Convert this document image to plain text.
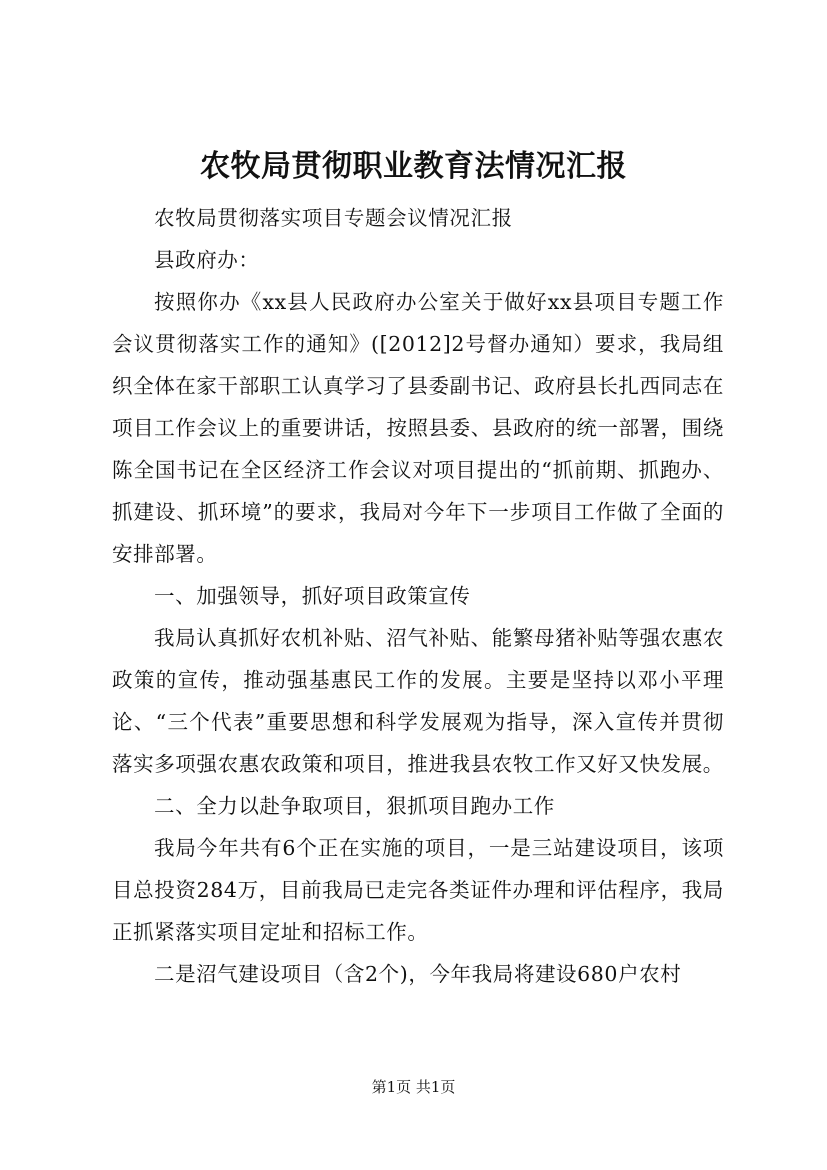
农牧局贯彻职业教育法情况汇报

农牧局贯彻落实项目专题会议情况汇报

县政府办：

按照你办《xx县人民政府办公室关于做好xx县项目专题工作会议贯彻落实工作的通知》([2012]2号督办通知）要求，我局组织全体在家干部职工认真学习了县委副书记、政府县长扎西同志在项目工作会议上的重要讲话，按照县委、县政府的统一部署，围绕陈全国书记在全区经济工作会议对项目提出的“抓前期、抓跑办、抓建设、抓环境”的要求，我局对今年下一步项目工作做了全面的安排部署。

一、加强领导，抓好项目政策宣传

我局认真抓好农机补贴、沼气补贴、能繁母猪补贴等强农惠农政策的宣传，推动强基惠民工作的发展。主要是坚持以邓小平理论、“三个代表”重要思想和科学发展观为指导，深入宣传并贯彻落实多项强农惠农政策和项目，推进我县农牧工作又好又快发展。

二、全力以赴争取项目，狠抓项目跑办工作

我局今年共有6个正在实施的项目，一是三站建设项目，该项目总投资284万，目前我局已走完各类证件办理和评估程序，我局正抓紧落实项目定址和招标工作。

二是沼气建设项目（含2个)，今年我局将建设680户农村

第1页 共1页
